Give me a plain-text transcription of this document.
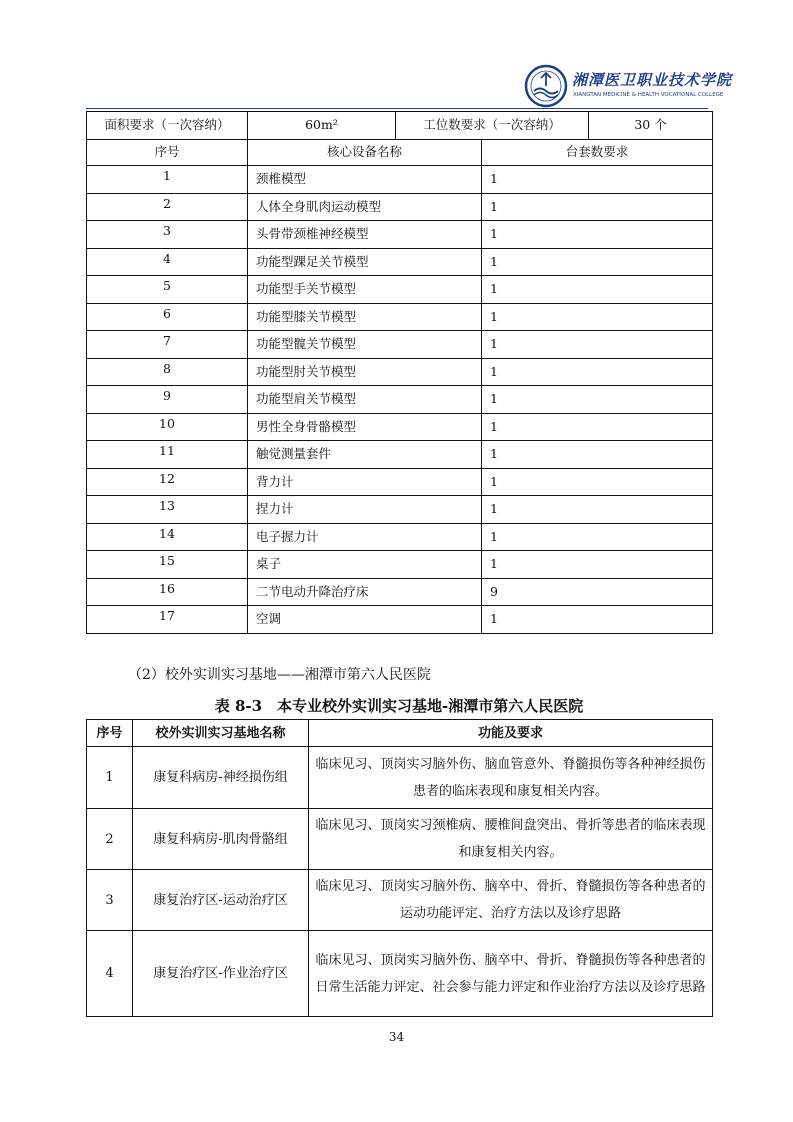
湘潭医卫职业技术学院
XIANGTAN MEDICINE & HEALTH VOCATIONAL COLLEGE
面积要求（一次容纳）	60m²	工位数要求（一次容纳）		30 个
序号	核心设备名称		台套数要求	
1	颈椎模型		1	
2	人体全身肌肉运动模型		1	
3	头骨带颈椎神经模型		1	
4	功能型踝足关节模型		1	
5	功能型手关节模型		1	
6	功能型膝关节模型		1	
7	功能型髋关节模型		1	
8	功能型肘关节模型		1	
9	功能型肩关节模型		1	
10	男性全身骨骼模型		1	
11	触觉测量套件		1	
12	背力计		1	
13	捏力计		1	
14	电子握力计		1	
15	桌子		1	
16	二节电动升降治疗床		9	
17	空调		1	
（2）校外实训实习基地——湘潭市第六人民医院
表 8-3　本专业校外实训实习基地-湘潭市第六人民医院
序号	校外实训实习基地名称	功能及要求
1	康复科病房-神经损伤组	临床见习、顶岗实习脑外伤、脑血管意外、脊髓损伤等各种神经损伤患者的临床表现和康复相关内容。
2	康复科病房-肌肉骨骼组	临床见习、顶岗实习颈椎病、腰椎间盘突出、骨折等患者的临床表现和康复相关内容。
3	康复治疗区-运动治疗区	临床见习、顶岗实习脑外伤、脑卒中、骨折、脊髓损伤等各种患者的运动功能评定、治疗方法以及诊疗思路
4	康复治疗区-作业治疗区	临床见习、顶岗实习脑外伤、脑卒中、骨折、脊髓损伤等各种患者的日常生活能力评定、社会参与能力评定和作业治疗方法以及诊疗思路
34
